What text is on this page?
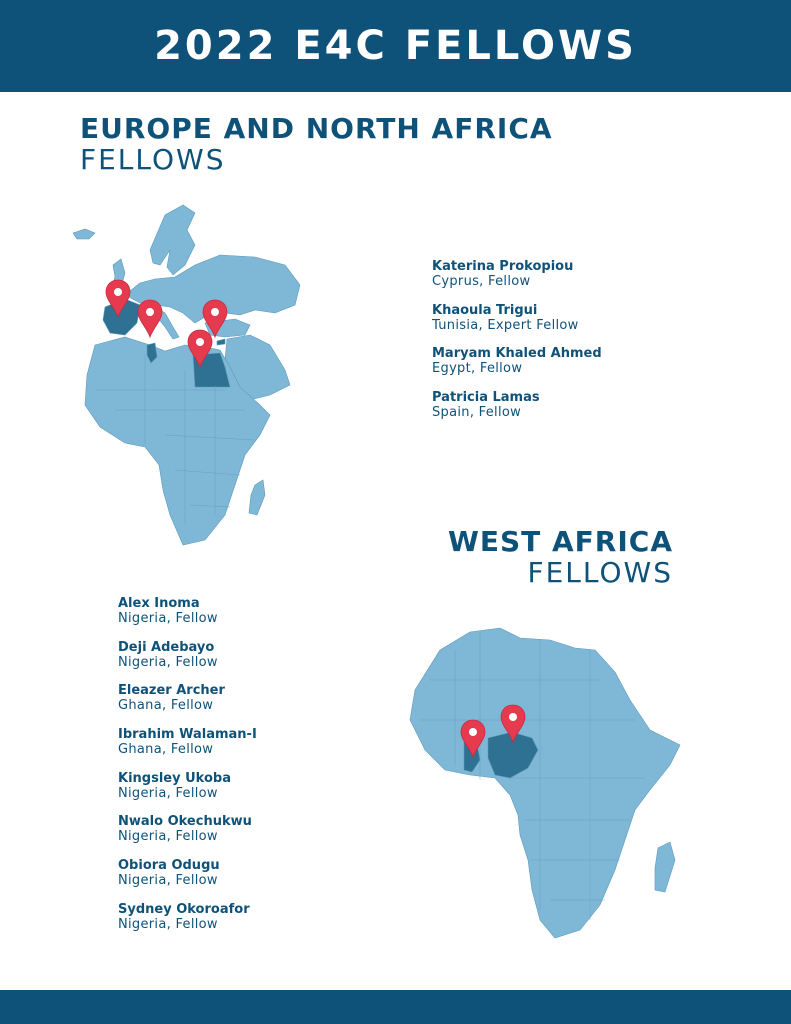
2022 E4C FELLOWS
EUROPE AND NORTH AFRICA
FELLOWS
Katerina Prokopiou
Cyprus, Fellow
Khaoula Trigui
Tunisia, Expert Fellow
Maryam Khaled Ahmed
Egypt, Fellow
Patricia Lamas
Spain, Fellow
WEST AFRICA
FELLOWS
Alex Inoma
Nigeria, Fellow
Deji Adebayo
Nigeria, Fellow
Eleazer Archer
Ghana, Fellow
Ibrahim Walaman-I
Ghana, Fellow
Kingsley Ukoba
Nigeria, Fellow
Nwalo Okechukwu
Nigeria, Fellow
Obiora Odugu
Nigeria, Fellow
Sydney Okoroafor
Nigeria, Fellow
